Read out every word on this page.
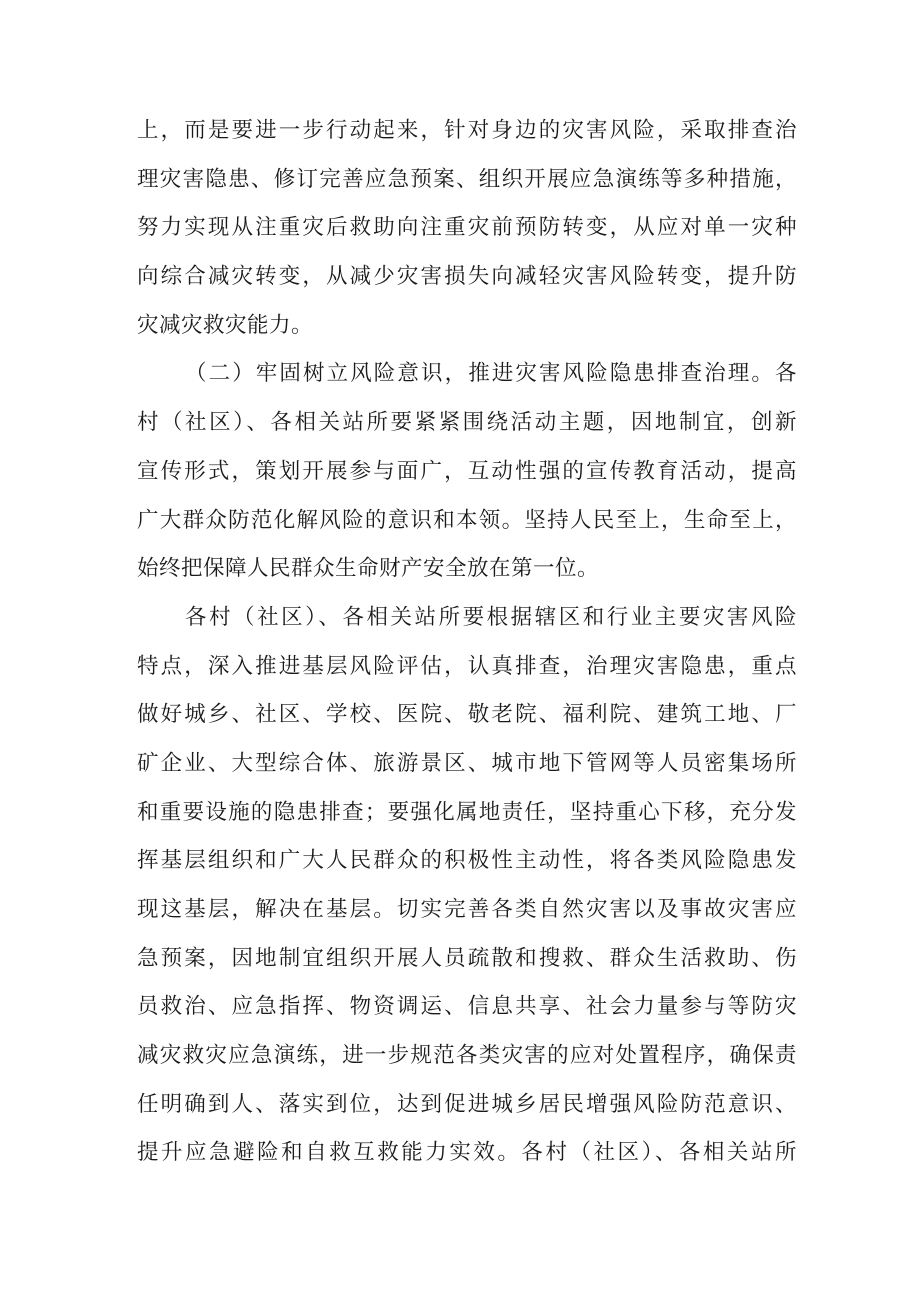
上，而是要进一步行动起来，针对身边的灾害风险，采取排查治
理灾害隐患、修订完善应急预案、组织开展应急演练等多种措施，
努力实现从注重灾后救助向注重灾前预防转变，从应对单一灾种
向综合减灾转变，从减少灾害损失向减轻灾害风险转变，提升防
灾减灾救灾能力。
（二）牢固树立风险意识，推进灾害风险隐患排查治理。各
村（社区）、各相关站所要紧紧围绕活动主题，因地制宜，创新
宣传形式，策划开展参与面广，互动性强的宣传教育活动，提高
广大群众防范化解风险的意识和本领。坚持人民至上，生命至上，
始终把保障人民群众生命财产安全放在第一位。
各村（社区）、各相关站所要根据辖区和行业主要灾害风险
特点，深入推进基层风险评估，认真排查，治理灾害隐患，重点
做好城乡、社区、学校、医院、敬老院、福利院、建筑工地、厂
矿企业、大型综合体、旅游景区、城市地下管网等人员密集场所
和重要设施的隐患排查；要强化属地责任，坚持重心下移，充分发
挥基层组织和广大人民群众的积极性主动性，将各类风险隐患发
现这基层，解决在基层。切实完善各类自然灾害以及事故灾害应
急预案，因地制宜组织开展人员疏散和搜救、群众生活救助、伤
员救治、应急指挥、物资调运、信息共享、社会力量参与等防灾
减灾救灾应急演练，进一步规范各类灾害的应对处置程序，确保责
任明确到人、落实到位，达到促进城乡居民增强风险防范意识、
提升应急避险和自救互救能力实效。各村（社区）、各相关站所
